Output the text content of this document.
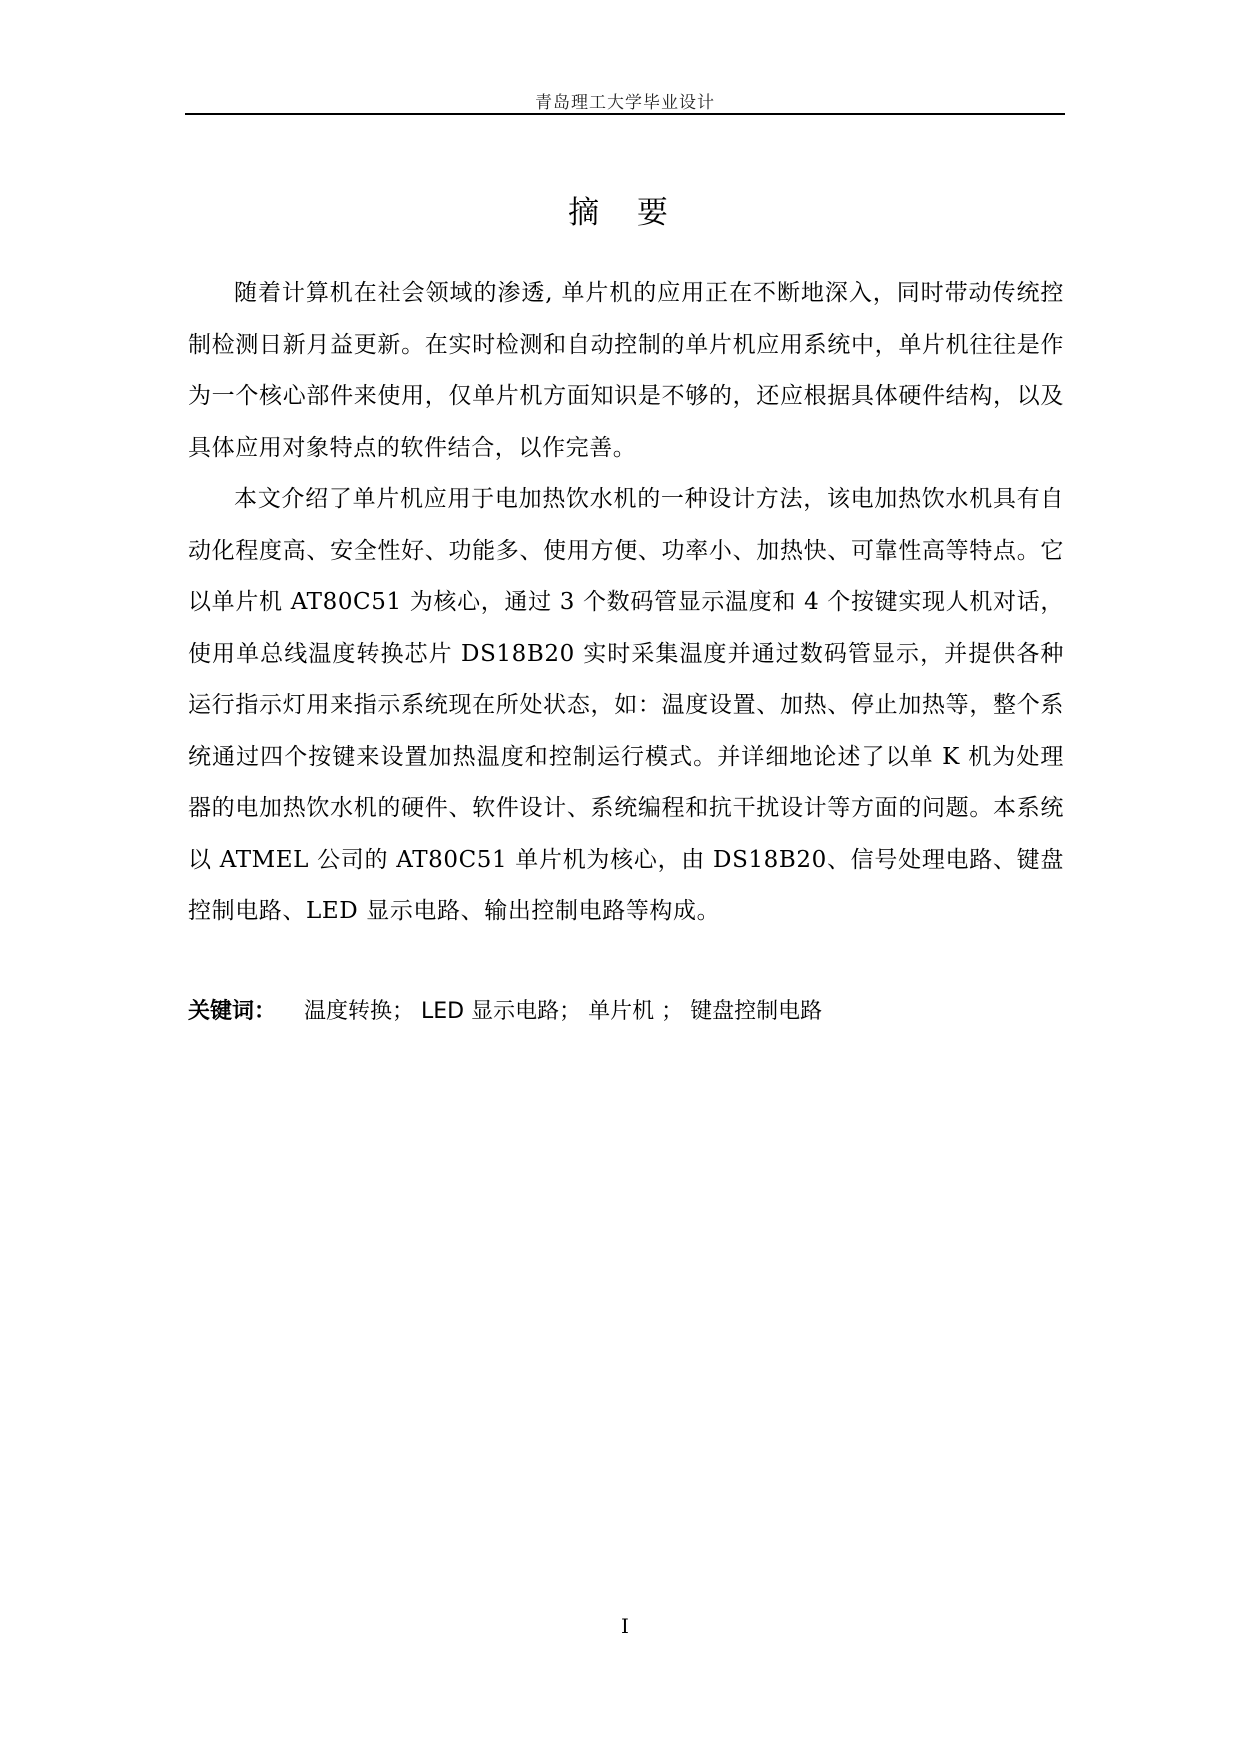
青岛理工大学毕业设计
摘 要

随着计算机在社会领域的渗透, 单片机的应用正在不断地深入，同时带动传统控制检测日新月益更新。在实时检测和自动控制的单片机应用系统中，单片机往往是作为一个核心部件来使用，仅单片机方面知识是不够的，还应根据具体硬件结构，以及具体应用对象特点的软件结合，以作完善。

本文介绍了单片机应用于电加热饮水机的一种设计方法，该电加热饮水机具有自动化程度高、安全性好、功能多、使用方便、功率小、加热快、可靠性高等特点。它以单片机 AT80C51 为核心，通过 3 个数码管显示温度和 4 个按键实现人机对话，使用单总线温度转换芯片 DS18B20 实时采集温度并通过数码管显示，并提供各种运行指示灯用来指示系统现在所处状态，如：温度设置、加热、停止加热等，整个系统通过四个按键来设置加热温度和控制运行模式。并详细地论述了以单 K 机为处理器的电加热饮水机的硬件、软件设计、系统编程和抗干扰设计等方面的问题。本系统以 ATMEL 公司的 AT80C51 单片机为核心，由 DS18B20、信号处理电路、键盘控制电路、LED 显示电路、输出控制电路等构成。

关键词： 温度转换； LED 显示电路； 单片机 ； 键盘控制电路
I
